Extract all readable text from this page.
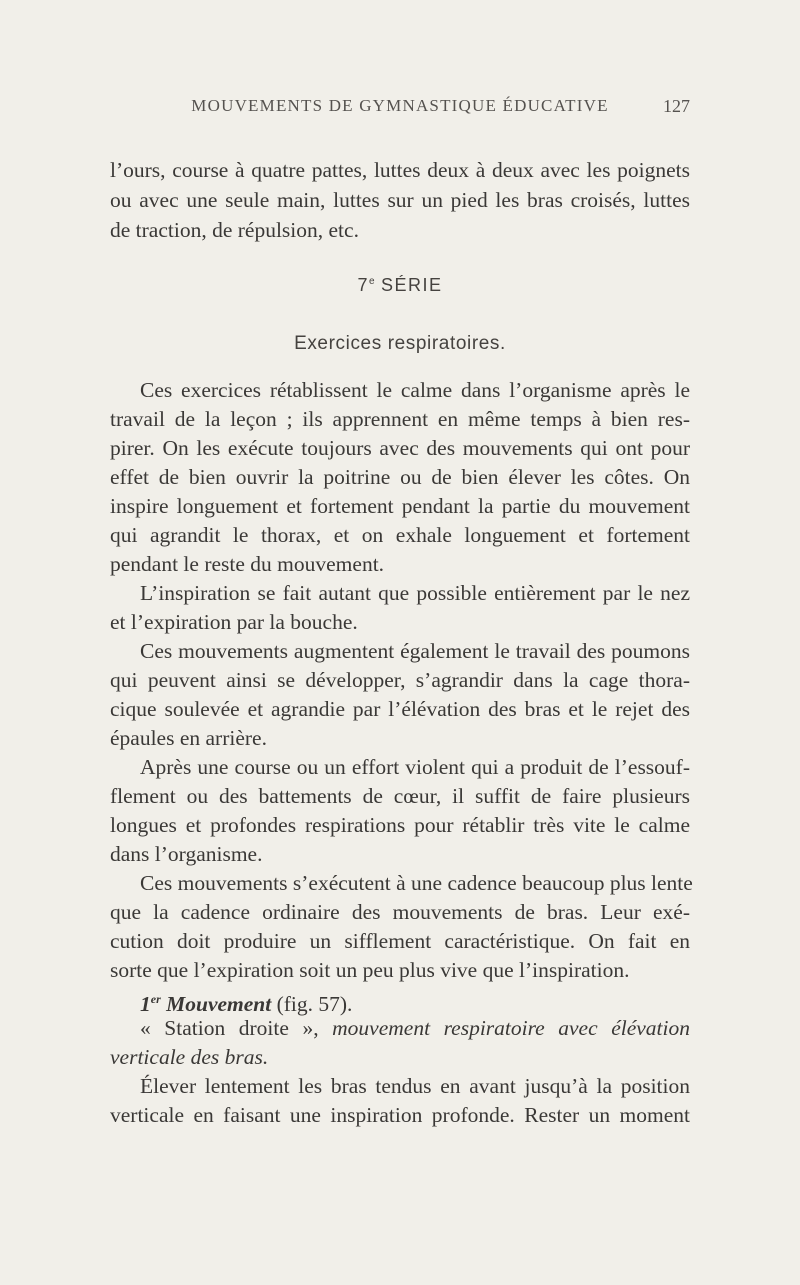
MOUVEMENTS DE GYMNASTIQUE ÉDUCATIVE	127
l’ours, course à quatre pattes, luttes deux à deux avec les poignets
ou avec une seule main, luttes sur un pied les bras croisés, luttes
de traction, de répulsion, etc.
7e SÉRIE
Exercices respiratoires.
Ces exercices rétablissent le calme dans l’organisme après le
travail de la leçon ; ils apprennent en même temps à bien res-
pirer. On les exécute toujours avec des mouvements qui ont pour
effet de bien ouvrir la poitrine ou de bien élever les côtes. On
inspire longuement et fortement pendant la partie du mouvement
qui agrandit le thorax, et on exhale longuement et fortement
pendant le reste du mouvement.
L’inspiration se fait autant que possible entièrement par le nez
et l’expiration par la bouche.
Ces mouvements augmentent également le travail des poumons
qui peuvent ainsi se développer, s’agrandir dans la cage thora-
cique soulevée et agrandie par l’élévation des bras et le rejet des
épaules en arrière.
Après une course ou un effort violent qui a produit de l’essouf-
flement ou des battements de cœur, il suffit de faire plusieurs
longues et profondes respirations pour rétablir très vite le calme
dans l’organisme.
Ces mouvements s’exécutent à une cadence beaucoup plus lente
que la cadence ordinaire des mouvements de bras. Leur exé-
cution doit produire un sifflement caractéristique. On fait en
sorte que l’expiration soit un peu plus vive que l’inspiration.
1er Mouvement (fig. 57).
« Station droite », mouvement respiratoire avec élévation
verticale des bras.
Élever lentement les bras tendus en avant jusqu’à la position
verticale en faisant une inspiration profonde. Rester un moment
